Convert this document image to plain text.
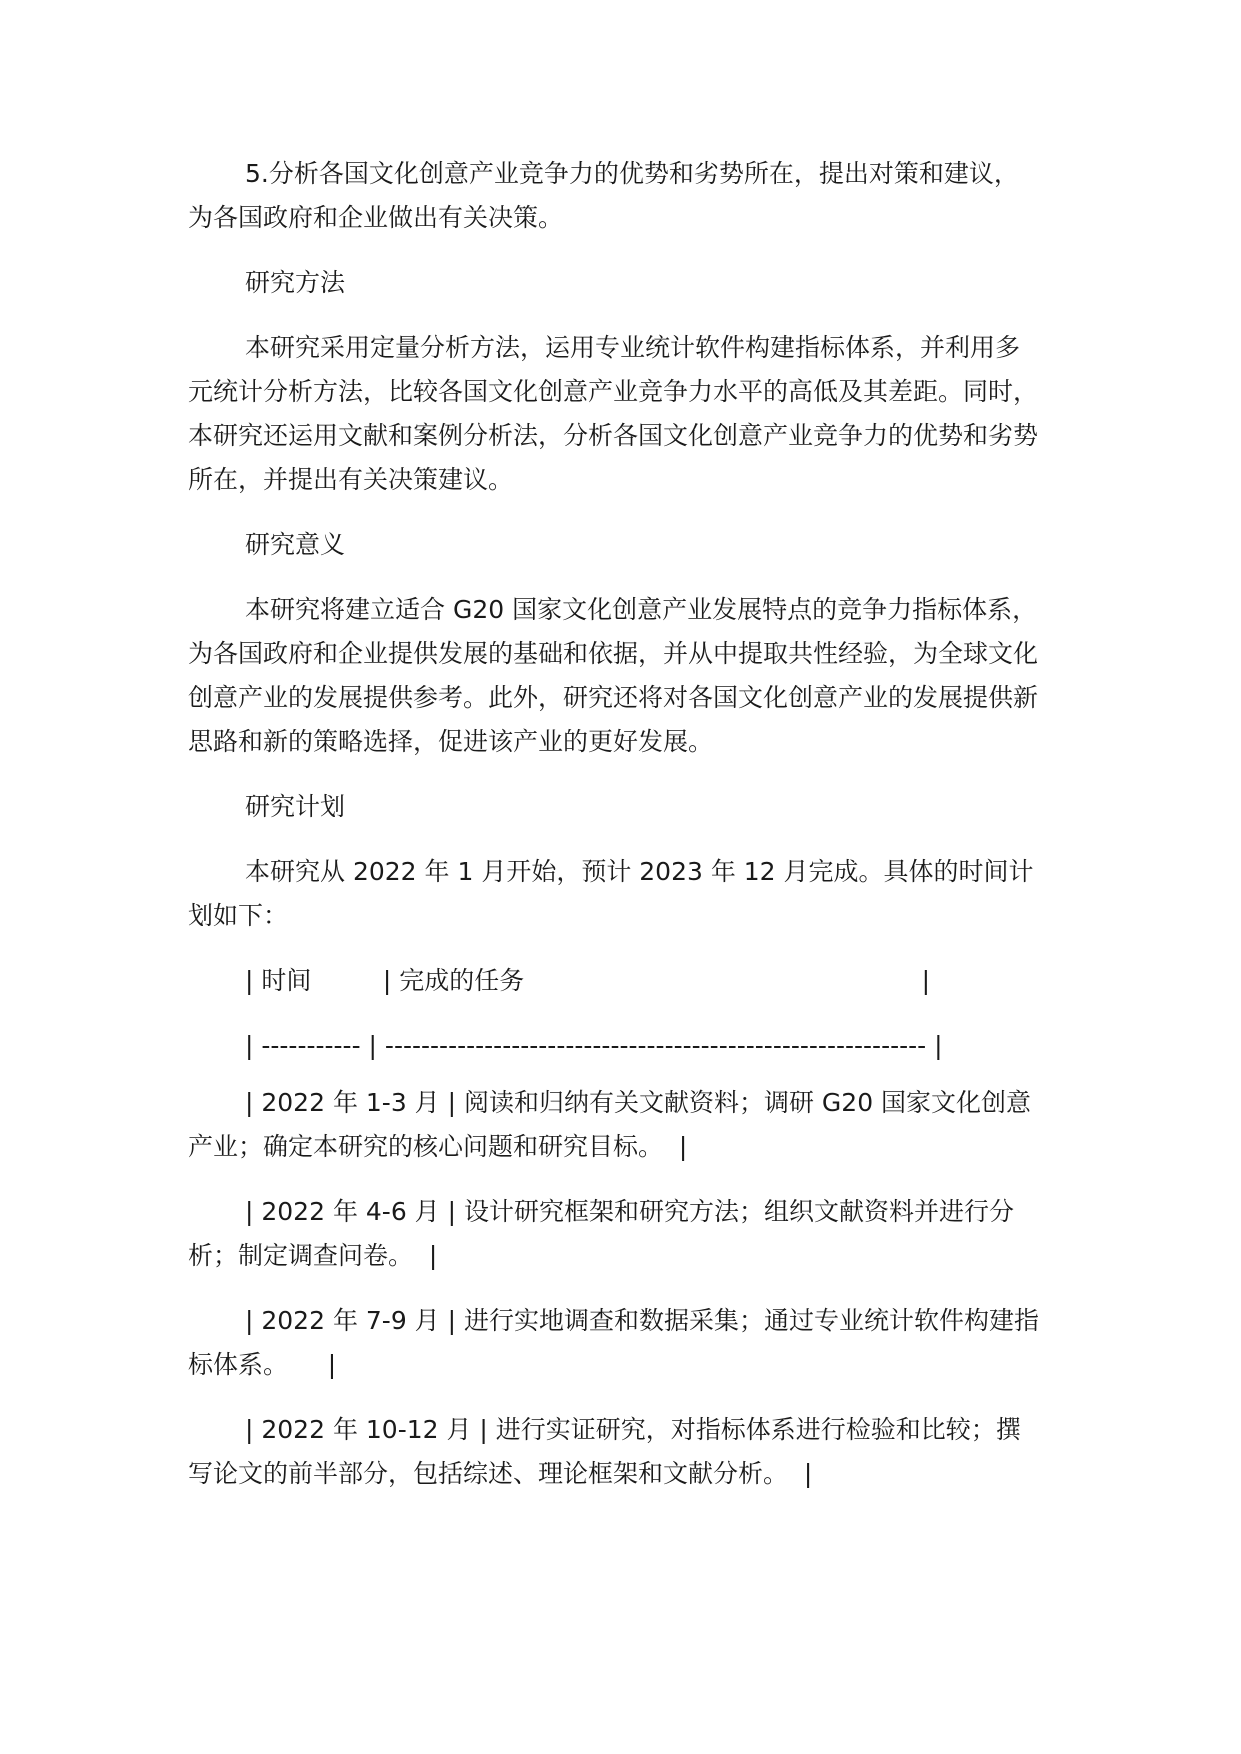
5.分析各国文化创意产业竞争力的优势和劣势所在，提出对策和建议，为各国政府和企业做出有关决策。

研究方法

本研究采用定量分析方法，运用专业统计软件构建指标体系，并利用多元统计分析方法，比较各国文化创意产业竞争力水平的高低及其差距。同时，本研究还运用文献和案例分析法，分析各国文化创意产业竞争力的优势和劣势所在，并提出有关决策建议。

研究意义

本研究将建立适合 G20 国家文化创意产业发展特点的竞争力指标体系，为各国政府和企业提供发展的基础和依据，并从中提取共性经验，为全球文化创意产业的发展提供参考。此外，研究还将对各国文化创意产业的发展提供新思路和新的策略选择，促进该产业的更好发展。

研究计划

本研究从 2022 年 1 月开始，预计 2023 年 12 月完成。具体的时间计划如下：

| 时间         | 完成的任务                                                  |

| ----------- | ------------------------------------------------------------ |

| 2022 年 1-3 月 | 阅读和归纳有关文献资料；调研 G20 国家文化创意产业；确定本研究的核心问题和研究目标。  |

| 2022 年 4-6 月 | 设计研究框架和研究方法；组织文献资料并进行分析；制定调查问卷。  |

| 2022 年 7-9 月 | 进行实地调查和数据采集；通过专业统计软件构建指标体系。     |

| 2022 年 10-12 月 | 进行实证研究，对指标体系进行检验和比较；撰写论文的前半部分，包括综述、理论框架和文献分析。  |
